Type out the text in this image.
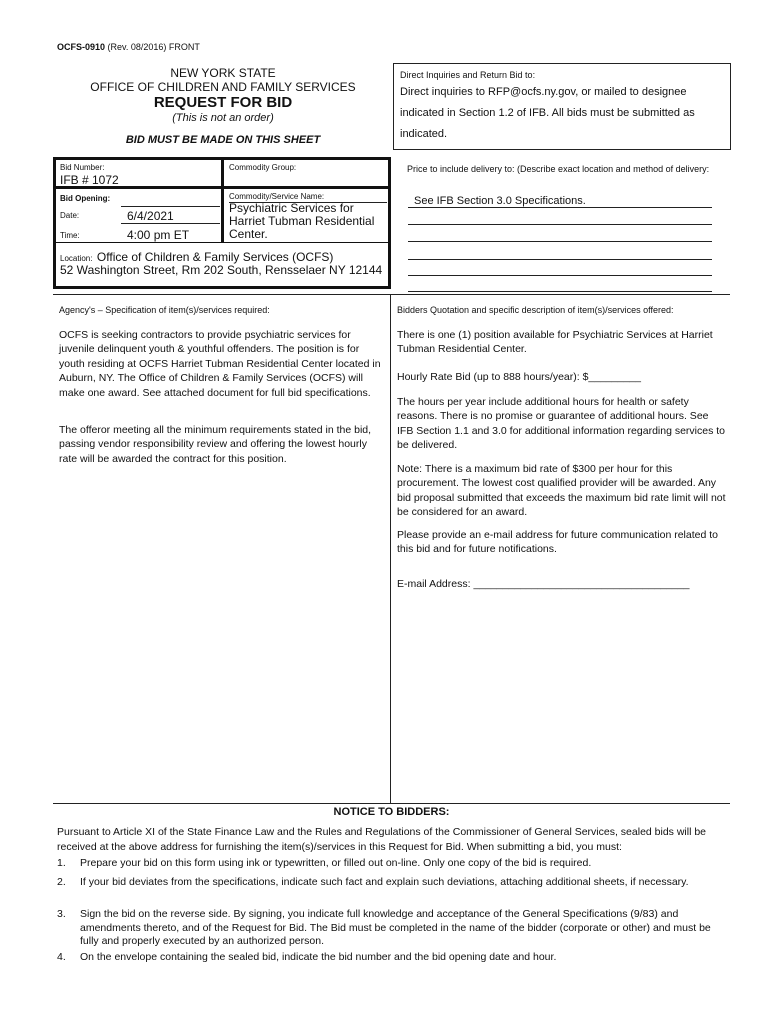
OCFS-0910 (Rev. 08/2016) FRONT
NEW YORK STATE
OFFICE OF CHILDREN AND FAMILY SERVICES
REQUEST FOR BID
(This is not an order)
BID MUST BE MADE ON THIS SHEET
Direct Inquiries and Return Bid to:
Direct inquiries to RFP@ocfs.ny.gov, or mailed to designee indicated in Section 1.2 of IFB. All bids must be submitted as indicated.
Bid Number:
IFB # 1072
Commodity Group:
Bid Opening:
Date:	6/4/2021
Time:	4:00 pm ET
Commodity/Service Name:
Psychiatric Services for Harriet Tubman Residential Center.
Location: Office of Children & Family Services (OCFS)
52 Washington Street, Rm 202 South, Rensselaer NY 12144
Price to include delivery to: (Describe exact location and method of delivery:
See IFB Section 3.0 Specifications.
Agency's – Specification of item(s)/services required:
OCFS is seeking contractors to provide psychiatric services for juvenile delinquent youth & youthful offenders. The position is for youth residing at OCFS Harriet Tubman Residential Center located in Auburn, NY. The Office of Children & Family Services (OCFS) will make one award. See attached document for full bid specifications.
The offeror meeting all the minimum requirements stated in the bid, passing vendor responsibility review and offering the lowest hourly rate will be awarded the contract for this position.
Bidders Quotation and specific description of item(s)/services offered:
There is one (1) position available for Psychiatric Services at Harriet Tubman Residential Center.
Hourly Rate Bid (up to 888 hours/year): $_________
The hours per year include additional hours for health or safety reasons. There is no promise or guarantee of additional hours. See IFB Section 1.1 and 3.0 for additional information regarding services to be delivered.
Note: There is a maximum bid rate of $300 per hour for this procurement. The lowest cost qualified provider will be awarded. Any bid proposal submitted that exceeds the maximum bid rate limit will not be considered for an award.
Please provide an e-mail address for future communication related to this bid and for future notifications.
E-mail Address: _____________________________________
NOTICE TO BIDDERS:
Pursuant to Article XI of the State Finance Law and the Rules and Regulations of the Commissioner of General Services, sealed bids will be received at the above address for furnishing the item(s)/services in this Request for Bid. When submitting a bid, you must:
1.	Prepare your bid on this form using ink or typewritten, or filled out on-line. Only one copy of the bid is required.
2.	If your bid deviates from the specifications, indicate such fact and explain such deviations, attaching additional sheets, if necessary.
3.	Sign the bid on the reverse side. By signing, you indicate full knowledge and acceptance of the General Specifications (9/83) and amendments thereto, and of the Request for Bid. The Bid must be completed in the name of the bidder (corporate or other) and must be fully and properly executed by an authorized person.
4.	On the envelope containing the sealed bid, indicate the bid number and the bid opening date and hour.
